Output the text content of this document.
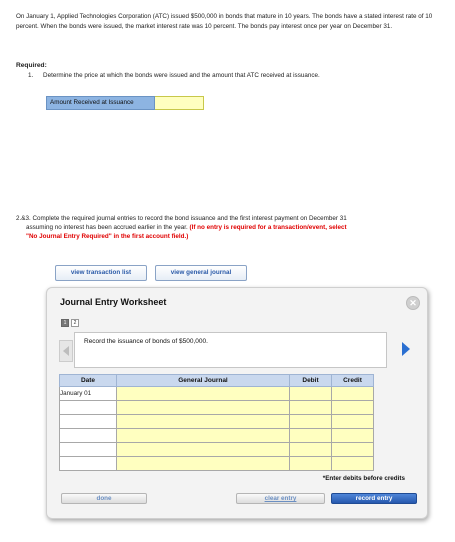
On January 1, Applied Technologies Corporation (ATC) issued $500,000 in bonds that mature in 10 years. The bonds have a stated interest rate of 10 percent. When the bonds were issued, the market interest rate was 10 percent. The bonds pay interest once per year on December 31.
Required:
1. Determine the price at which the bonds were issued and the amount that ATC received at issuance.
Amount Received at Issuance
2.&3. Complete the required journal entries to record the bond issuance and the first interest payment on December 31
assuming no interest has been accrued earlier in the year. (If no entry is required for a transaction/event, select
"No Journal Entry Required" in the first account field.)
view transaction list	view general journal
Journal Entry Worksheet	✕
1	2
Record the issuance of bonds of $500,000.
Date	General Journal	Debit	Credit
January 01			

*Enter debits before credits
done	clear entry	record entry
